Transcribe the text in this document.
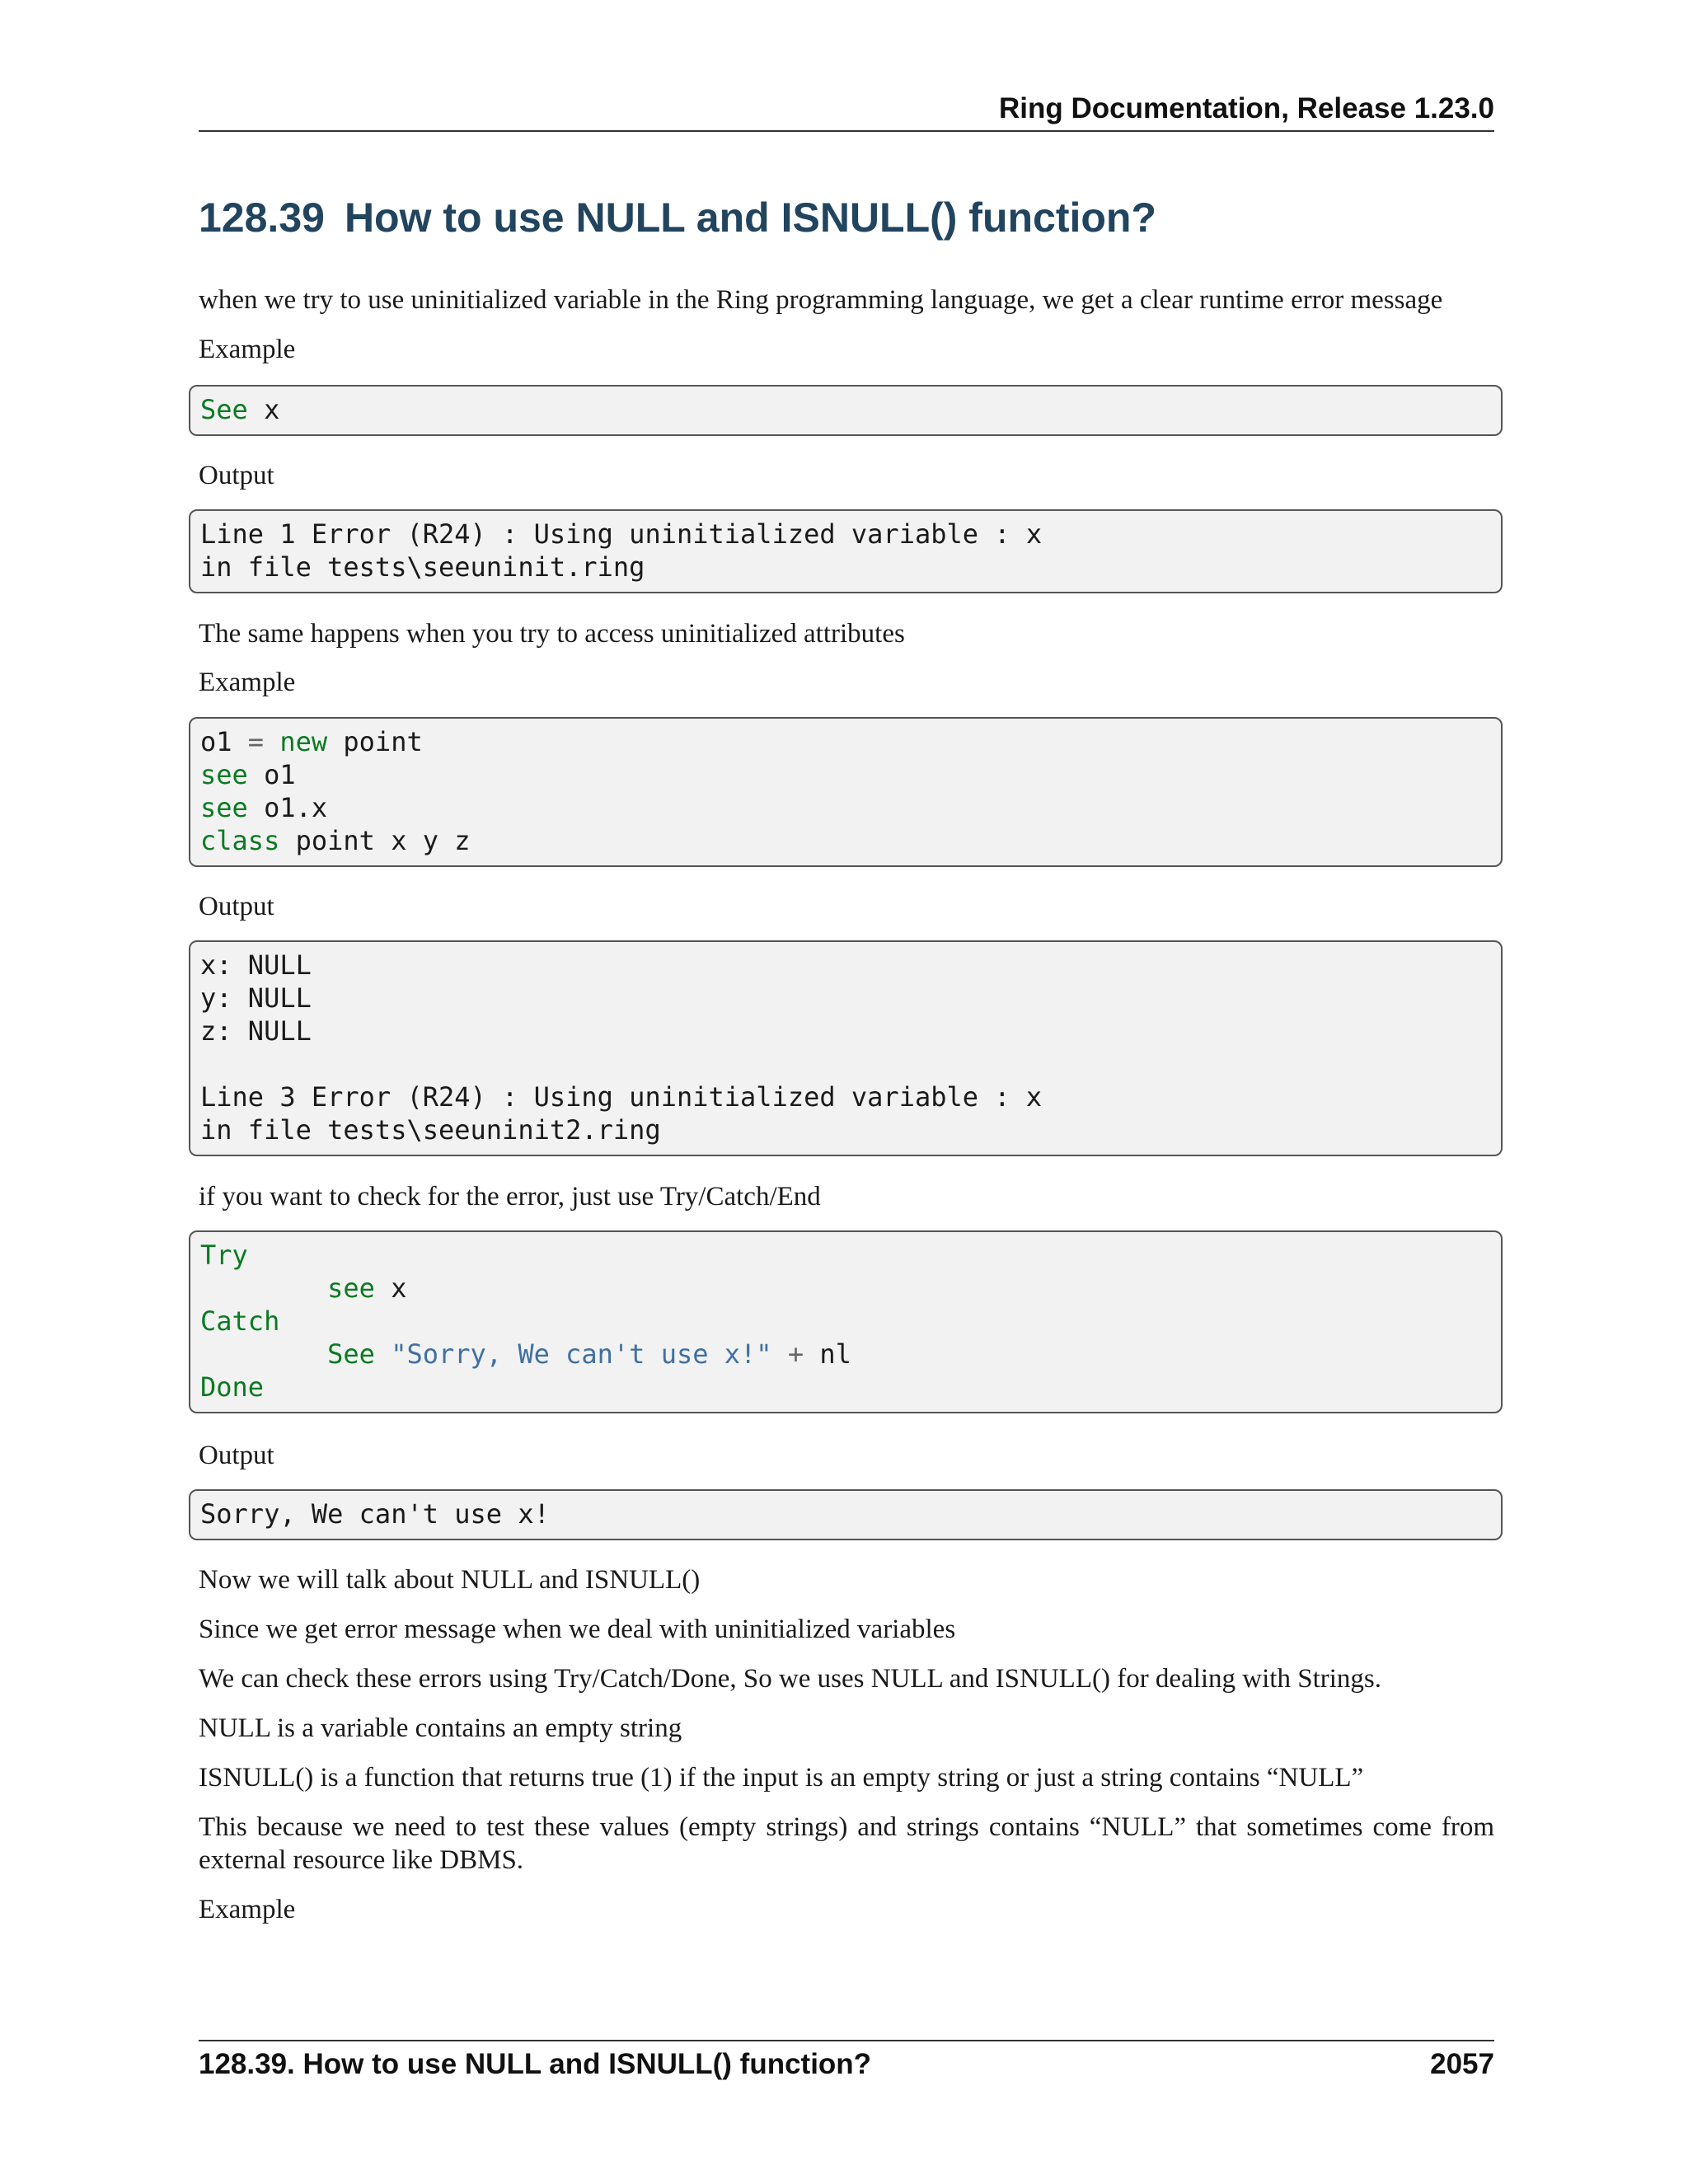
Ring Documentation, Release 1.23.0
128.39 How to use NULL and ISNULL() function?

when we try to use uninitialized variable in the Ring programming language, we get a clear runtime error message

Example

See x

Output

Line 1 Error (R24) : Using uninitialized variable : x
in file tests\seeuninit.ring

The same happens when you try to access uninitialized attributes

Example

o1 = new point
see o1
see o1.x
class point x y z

Output

x: NULL
y: NULL
z: NULL
Line 3 Error (R24) : Using uninitialized variable : x
in file tests\seeuninit2.ring

if you want to check for the error, just use Try/Catch/End

Try
see x
Catch
See "Sorry, We can't use x!" + nl
Done

Output

Sorry, We can't use x!

Now we will talk about NULL and ISNULL()

Since we get error message when we deal with uninitialized variables

We can check these errors using Try/Catch/Done, So we uses NULL and ISNULL() for dealing with Strings.

NULL is a variable contains an empty string

ISNULL() is a function that returns true (1) if the input is an empty string or just a string contains “NULL”

This because we need to test these values (empty strings) and strings contains “NULL” that sometimes come from external resource like DBMS.

Example

128.39. How to use NULL and ISNULL() function?	2057
